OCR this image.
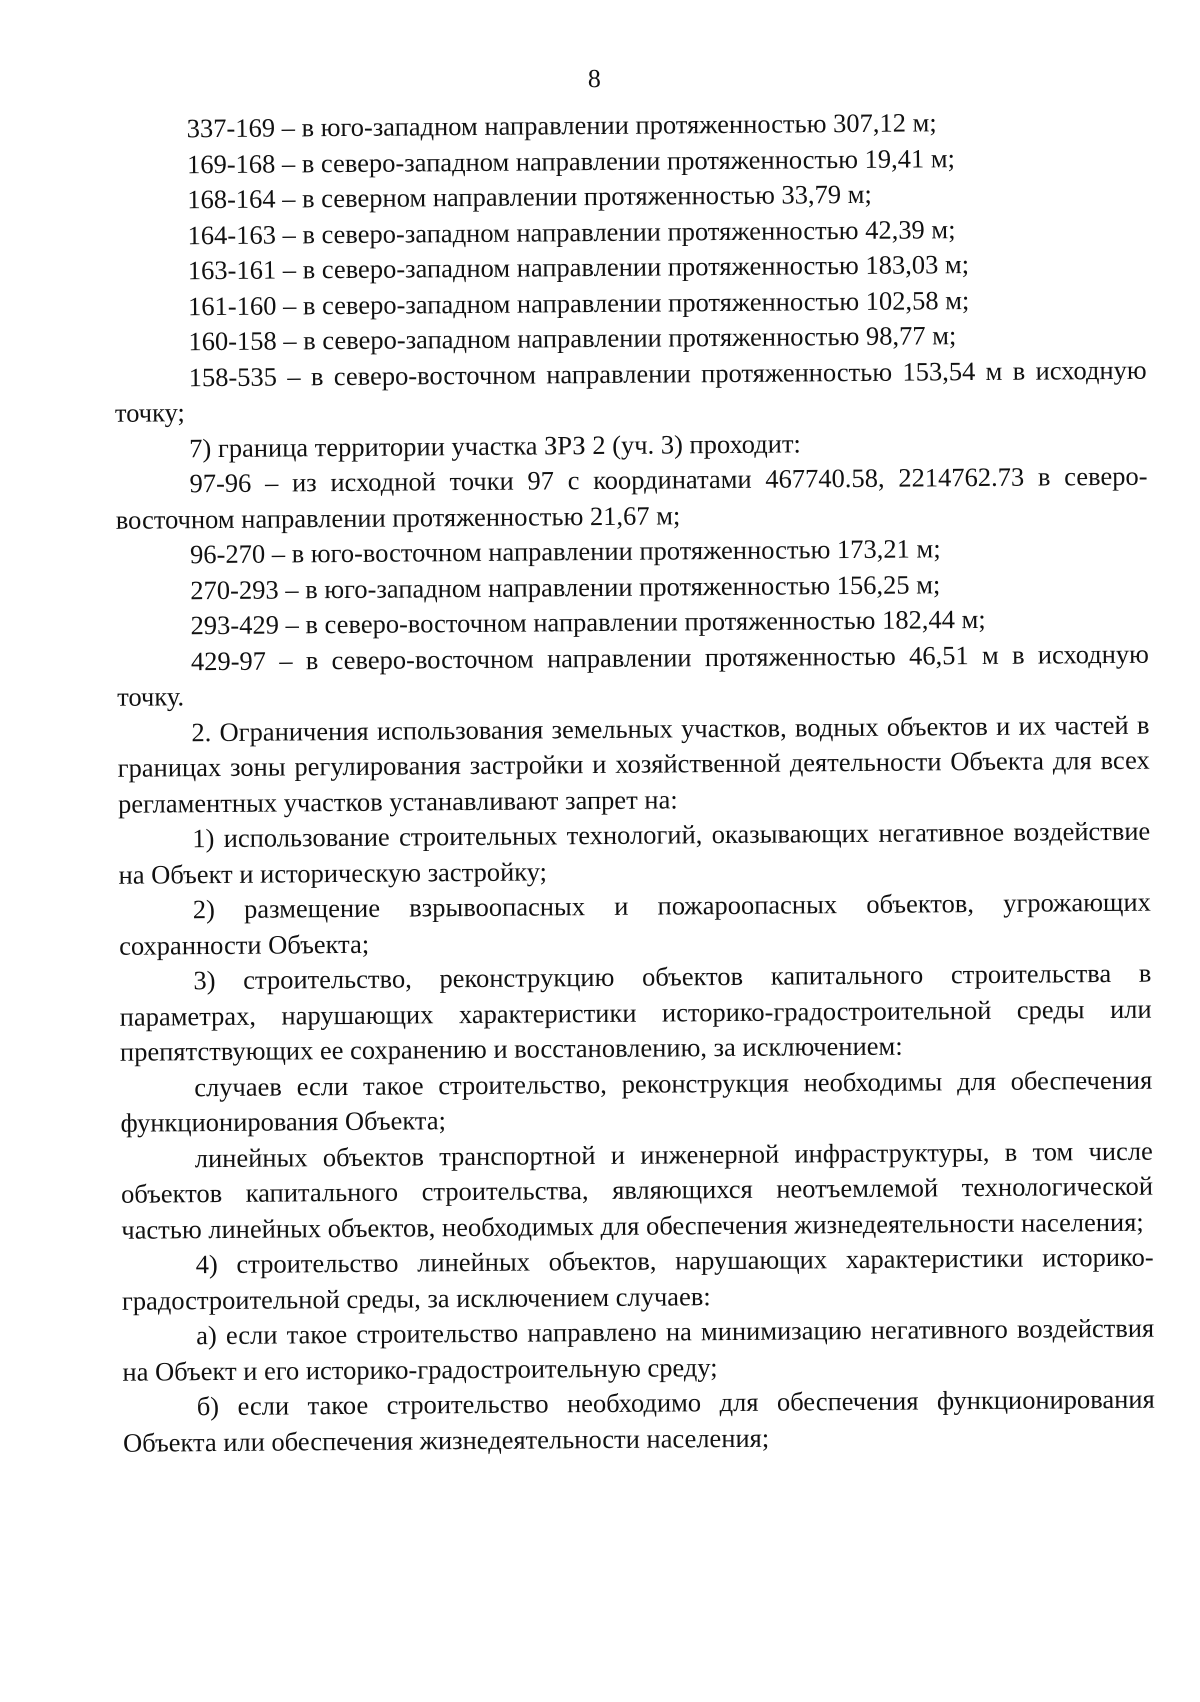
8

337-169 – в юго-западном направлении протяженностью 307,12 м;

169-168 – в северо-западном направлении протяженностью 19,41 м;

168-164 – в северном направлении протяженностью 33,79 м;

164-163 – в северо-западном направлении протяженностью 42,39 м;

163-161 – в северо-западном направлении протяженностью 183,03 м;

161-160 – в северо-западном направлении протяженностью 102,58 м;

160-158 – в северо-западном направлении протяженностью 98,77 м;

158-535 – в северо-восточном направлении протяженностью 153,54 м в исходную точку;

7) граница территории участка ЗРЗ 2 (уч. 3) проходит:

97-96 – из исходной точки 97 с координатами 467740.58, 2214762.73 в северо-восточном направлении протяженностью 21,67 м;

96-270 – в юго-восточном направлении протяженностью 173,21 м;

270-293 – в юго-западном направлении протяженностью 156,25 м;

293-429 – в северо-восточном направлении протяженностью 182,44 м;

429-97 – в северо-восточном направлении протяженностью 46,51 м в исходную точку.

2. Ограничения использования земельных участков, водных объектов и их частей в границах зоны регулирования застройки и хозяйственной деятельности Объекта для всех регламентных участков устанавливают запрет на:

1) использование строительных технологий, оказывающих негативное воздействие на Объект и историческую застройку;

2) размещение взрывоопасных и пожароопасных объектов, угрожающих сохранности Объекта;

3) строительство, реконструкцию объектов капитального строительства в параметрах, нарушающих характеристики историко-градостроительной среды или препятствующих ее сохранению и восстановлению, за исключением:

случаев если такое строительство, реконструкция необходимы для обеспечения функционирования Объекта;

линейных объектов транспортной и инженерной инфраструктуры, в том числе объектов капитального строительства, являющихся неотъемлемой технологической частью линейных объектов, необходимых для обеспечения жизнедеятельности населения;

4) строительство линейных объектов, нарушающих характеристики историко-градостроительной среды, за исключением случаев:

а) если такое строительство направлено на минимизацию негативного воздействия на Объект и его историко-градостроительную среду;

б) если такое строительство необходимо для обеспечения функционирования Объекта или обеспечения жизнедеятельности населения;
